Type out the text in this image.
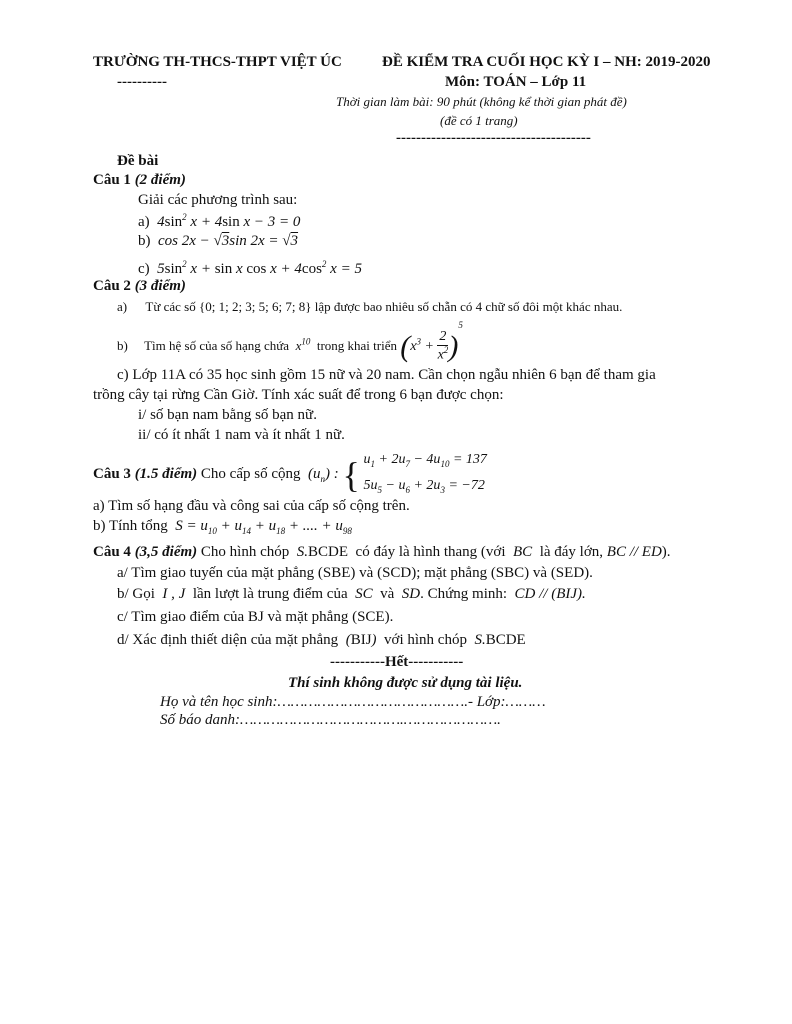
TRƯỜNG TH-THCS-THPT VIỆT ÚC	ĐỀ KIỂM TRA CUỐI HỌC KỲ I – NH: 2019-2020
----------	Môn: TOÁN – Lớp 11
Thời gian làm bài: 90 phút (không kể thời gian phát đề)
(đề có 1 trang)
---------------------------------------
Đề bài
Câu 1 (2 điểm)
Giải các phương trình sau:
a)  $4\sin^2$ x + 4sin x − 3 = 0
b)  cos 2x − √3sin 2x = √3
c)  $5\sin^2$ x + sin x $\cos x + 4\cos^2$ x = 5
Câu 2 (3 điểm)
a) Từ các số {0; 1; 2; 3; 5; 6; 7; 8} lập được bao nhiêu số chẵn có 4 chữ số đôi một khác nhau.
b) Tìm hệ số của số hạng chứa  $x^{10}$ trong khai triển $(x^3 + \frac{2}{x^2} )^5$
c) Lớp 11A có 35 học sinh gồm 15 nữ và 20 nam. Cần chọn ngẫu nhiên 6 bạn để tham gia
trồng cây tại rừng Cần Giờ. Tính xác suất để trong 6 bạn được chọn:
i/ số bạn nam bằng số bạn nữ.
ii/ có ít nhất 1 nam và ít nhất 1 nữ.
Câu 3 (1.5 điểm) Cho cấp số cộng  $(u_n)$ : { $u_1 + 2u_7 - 4u_{10} = 137$
$5u_5 - u_6 + 2u_3 = -72$
a) Tìm số hạng đầu và công sai của cấp số cộng trên.
b) Tính tổng  $S = u_{10} + u_{14} + u_{18}$ + .... + $u_{98}$
Câu 4 (3,5 điểm) Cho hình chóp  S.BCDE có đáy là hình thang (với  BC  là đáy lớn, BC // ED).
a/ Tìm giao tuyến của mặt phẳng (SBE) và (SCD); mặt phẳng (SBC) và (SED).
b/ Gọi  I , J  lần lượt là trung điểm của  SC  và  SD. Chứng minh:  CD // (BIJ).
c/ Tìm giao điểm của BJ và mặt phẳng (SCE).
d/ Xác định thiết diện của mặt phẳng  (BIJ)  với hình chóp  S.BCDE
-----------Hết-----------
Thí sinh không được sử dụng tài liệu.
Họ và tên học sinh:…………………………………….- Lớp:………
Số báo danh:……………………………….………………….
